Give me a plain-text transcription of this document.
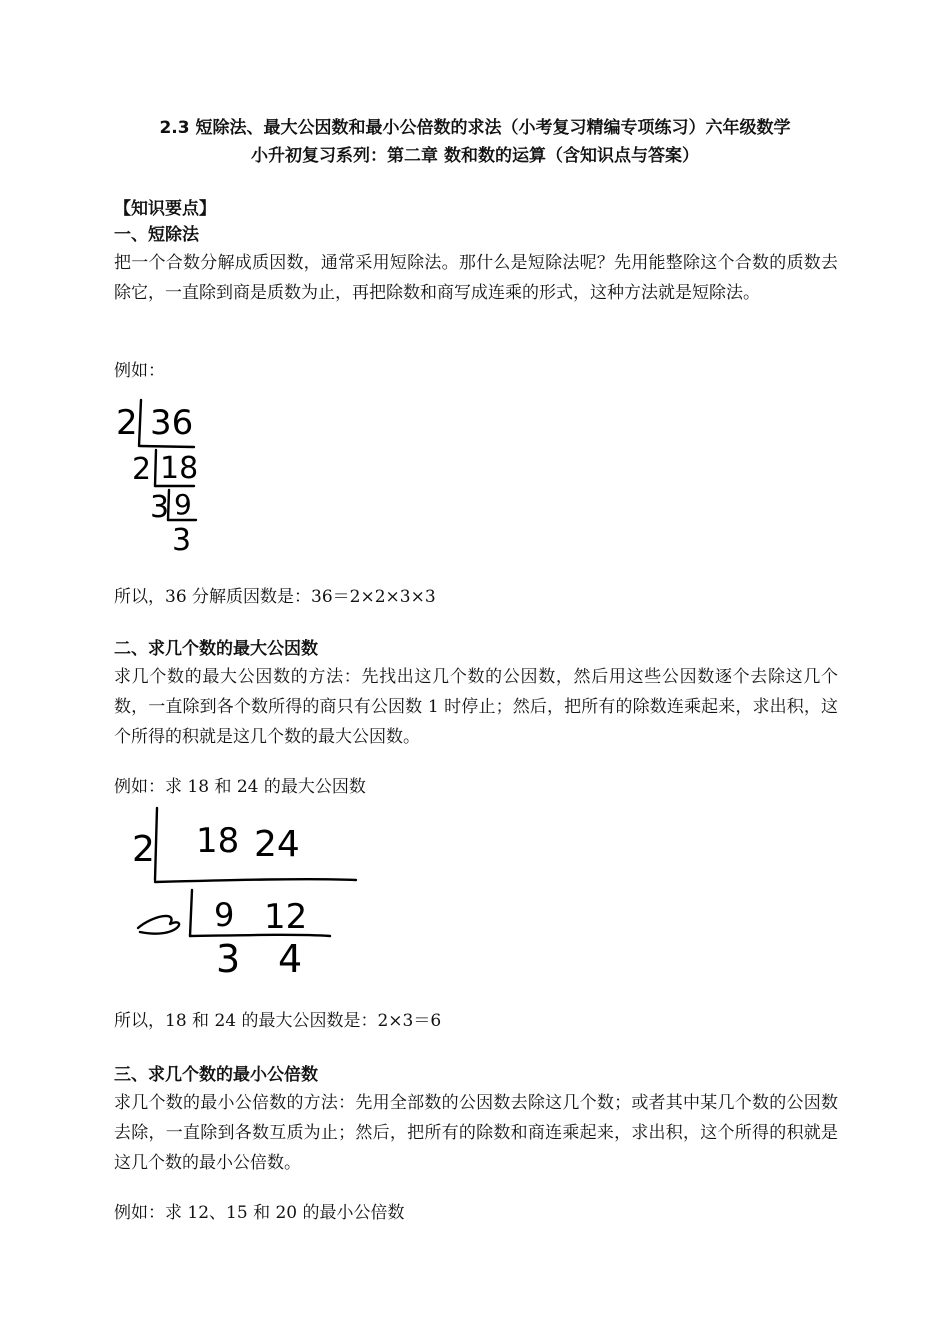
2.3 短除法、最大公因数和最小公倍数的求法（小考复习精编专项练习）六年级数学
小升初复习系列：第二章 数和数的运算（含知识点与答案）
【知识要点】
一、短除法
把一个合数分解成质因数，通常采用短除法。那什么是短除法呢？先用能整除这个合数的质数去除它，一直除到商是质数为止，再把除数和商写成连乘的形式，这种方法就是短除法。
例如：
2 36
2 18
3 9
3
所以，36 分解质因数是：36＝2×2×3×3
二、求几个数的最大公因数
求几个数的最大公因数的方法：先找出这几个数的公因数，然后用这些公因数逐个去除这几个数，一直除到各个数所得的商只有公因数 1 时停止；然后，把所有的除数连乘起来，求出积，这个所得的积就是这几个数的最大公因数。
例如：求 18 和 24 的最大公因数
2 18 24
3 9 12
3 4
所以，18 和 24 的最大公因数是：2×3＝6
三、求几个数的最小公倍数
求几个数的最小公倍数的方法：先用全部数的公因数去除这几个数；或者其中某几个数的公因数去除，一直除到各数互质为止；然后，把所有的除数和商连乘起来，求出积，这个所得的积就是这几个数的最小公倍数。
例如：求 12、15 和 20 的最小公倍数
